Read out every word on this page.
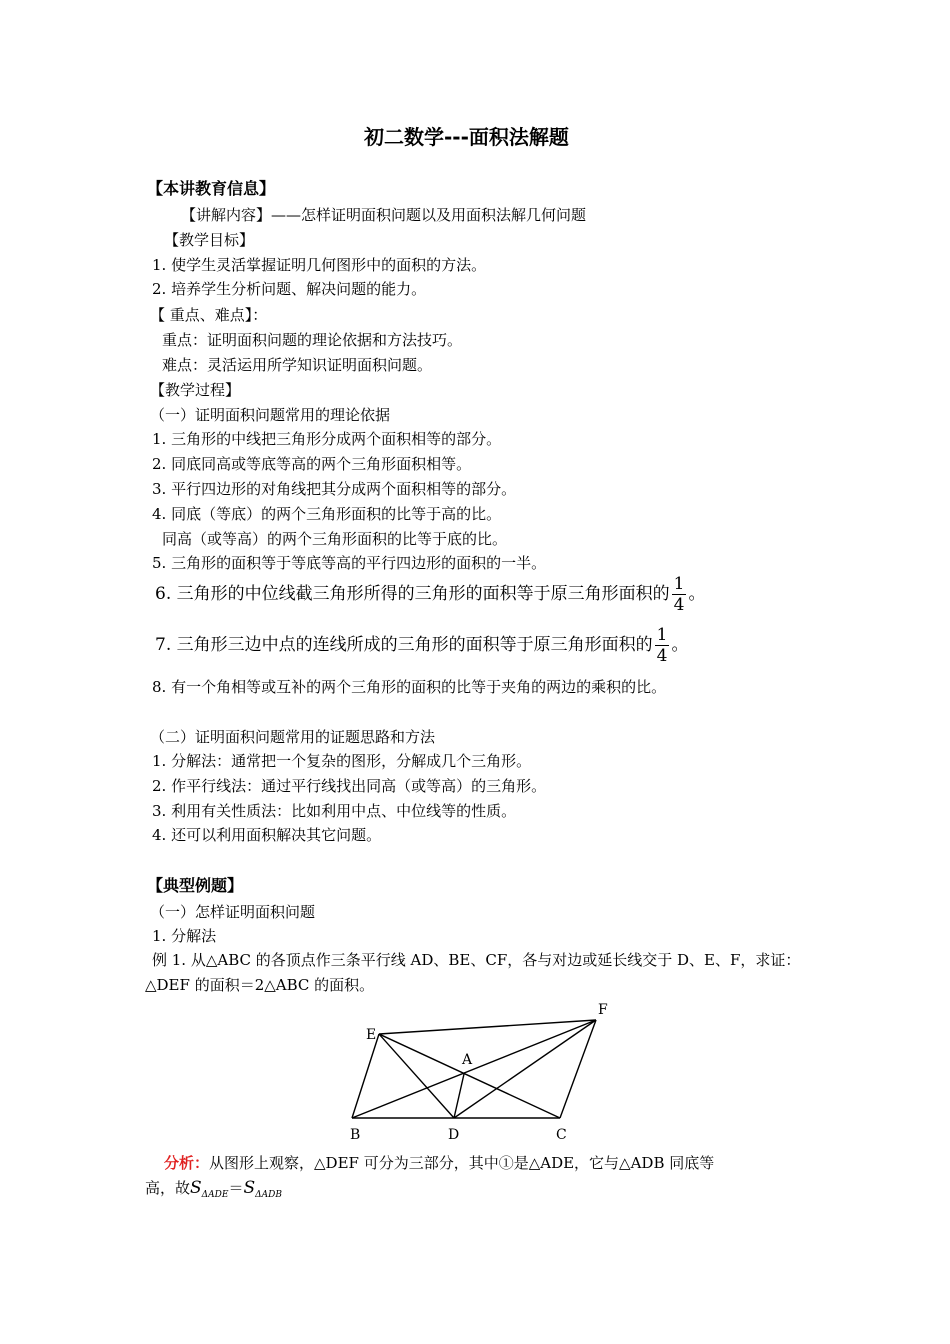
初二数学---面积法解题
【本讲教育信息】
【讲解内容】——怎样证明面积问题以及用面积法解几何问题
【教学目标】
1. 使学生灵活掌握证明几何图形中的面积的方法。
2. 培养学生分析问题、解决问题的能力。
【 重点、难点】：
重点：证明面积问题的理论依据和方法技巧。
难点：灵活运用所学知识证明面积问题。
【教学过程】
（一）证明面积问题常用的理论依据
1. 三角形的中线把三角形分成两个面积相等的部分。
2. 同底同高或等底等高的两个三角形面积相等。
3. 平行四边形的对角线把其分成两个面积相等的部分。
4. 同底（等底）的两个三角形面积的比等于高的比。
同高（或等高）的两个三角形面积的比等于底的比。
5. 三角形的面积等于等底等高的平行四边形的面积的一半。
6. 三角形的中位线截三角形所得的三角形的面积等于原三角形面积的 $\frac{1}{4}$ 。
7. 三角形三边中点的连线所成的三角形的面积等于原三角形面积的 $\frac{1}{4}$ 。
8. 有一个角相等或互补的两个三角形的面积的比等于夹角的两边的乘积的比。
（二）证明面积问题常用的证题思路和方法
1. 分解法：通常把一个复杂的图形，分解成几个三角形。
2. 作平行线法：通过平行线找出同高（或等高）的三角形。
3. 利用有关性质法：比如利用中点、中位线等的性质。
4. 还可以利用面积解决其它问题。
【典型例题】
（一）怎样证明面积问题
1. 分解法
例 1. 从△ABC 的各顶点作三条平行线 AD、BE、CF，各与对边或延长线交于 D、E、F，求证：
△DEF 的面积＝2△ABC 的面积。
E
F
A
B	D	C
分析：从图形上观察，△DEF 可分为三部分，其中①是△ADE，它与△ADB 同底等
高，故$S_{\Delta ADE}=S_{\Delta ADB}$
